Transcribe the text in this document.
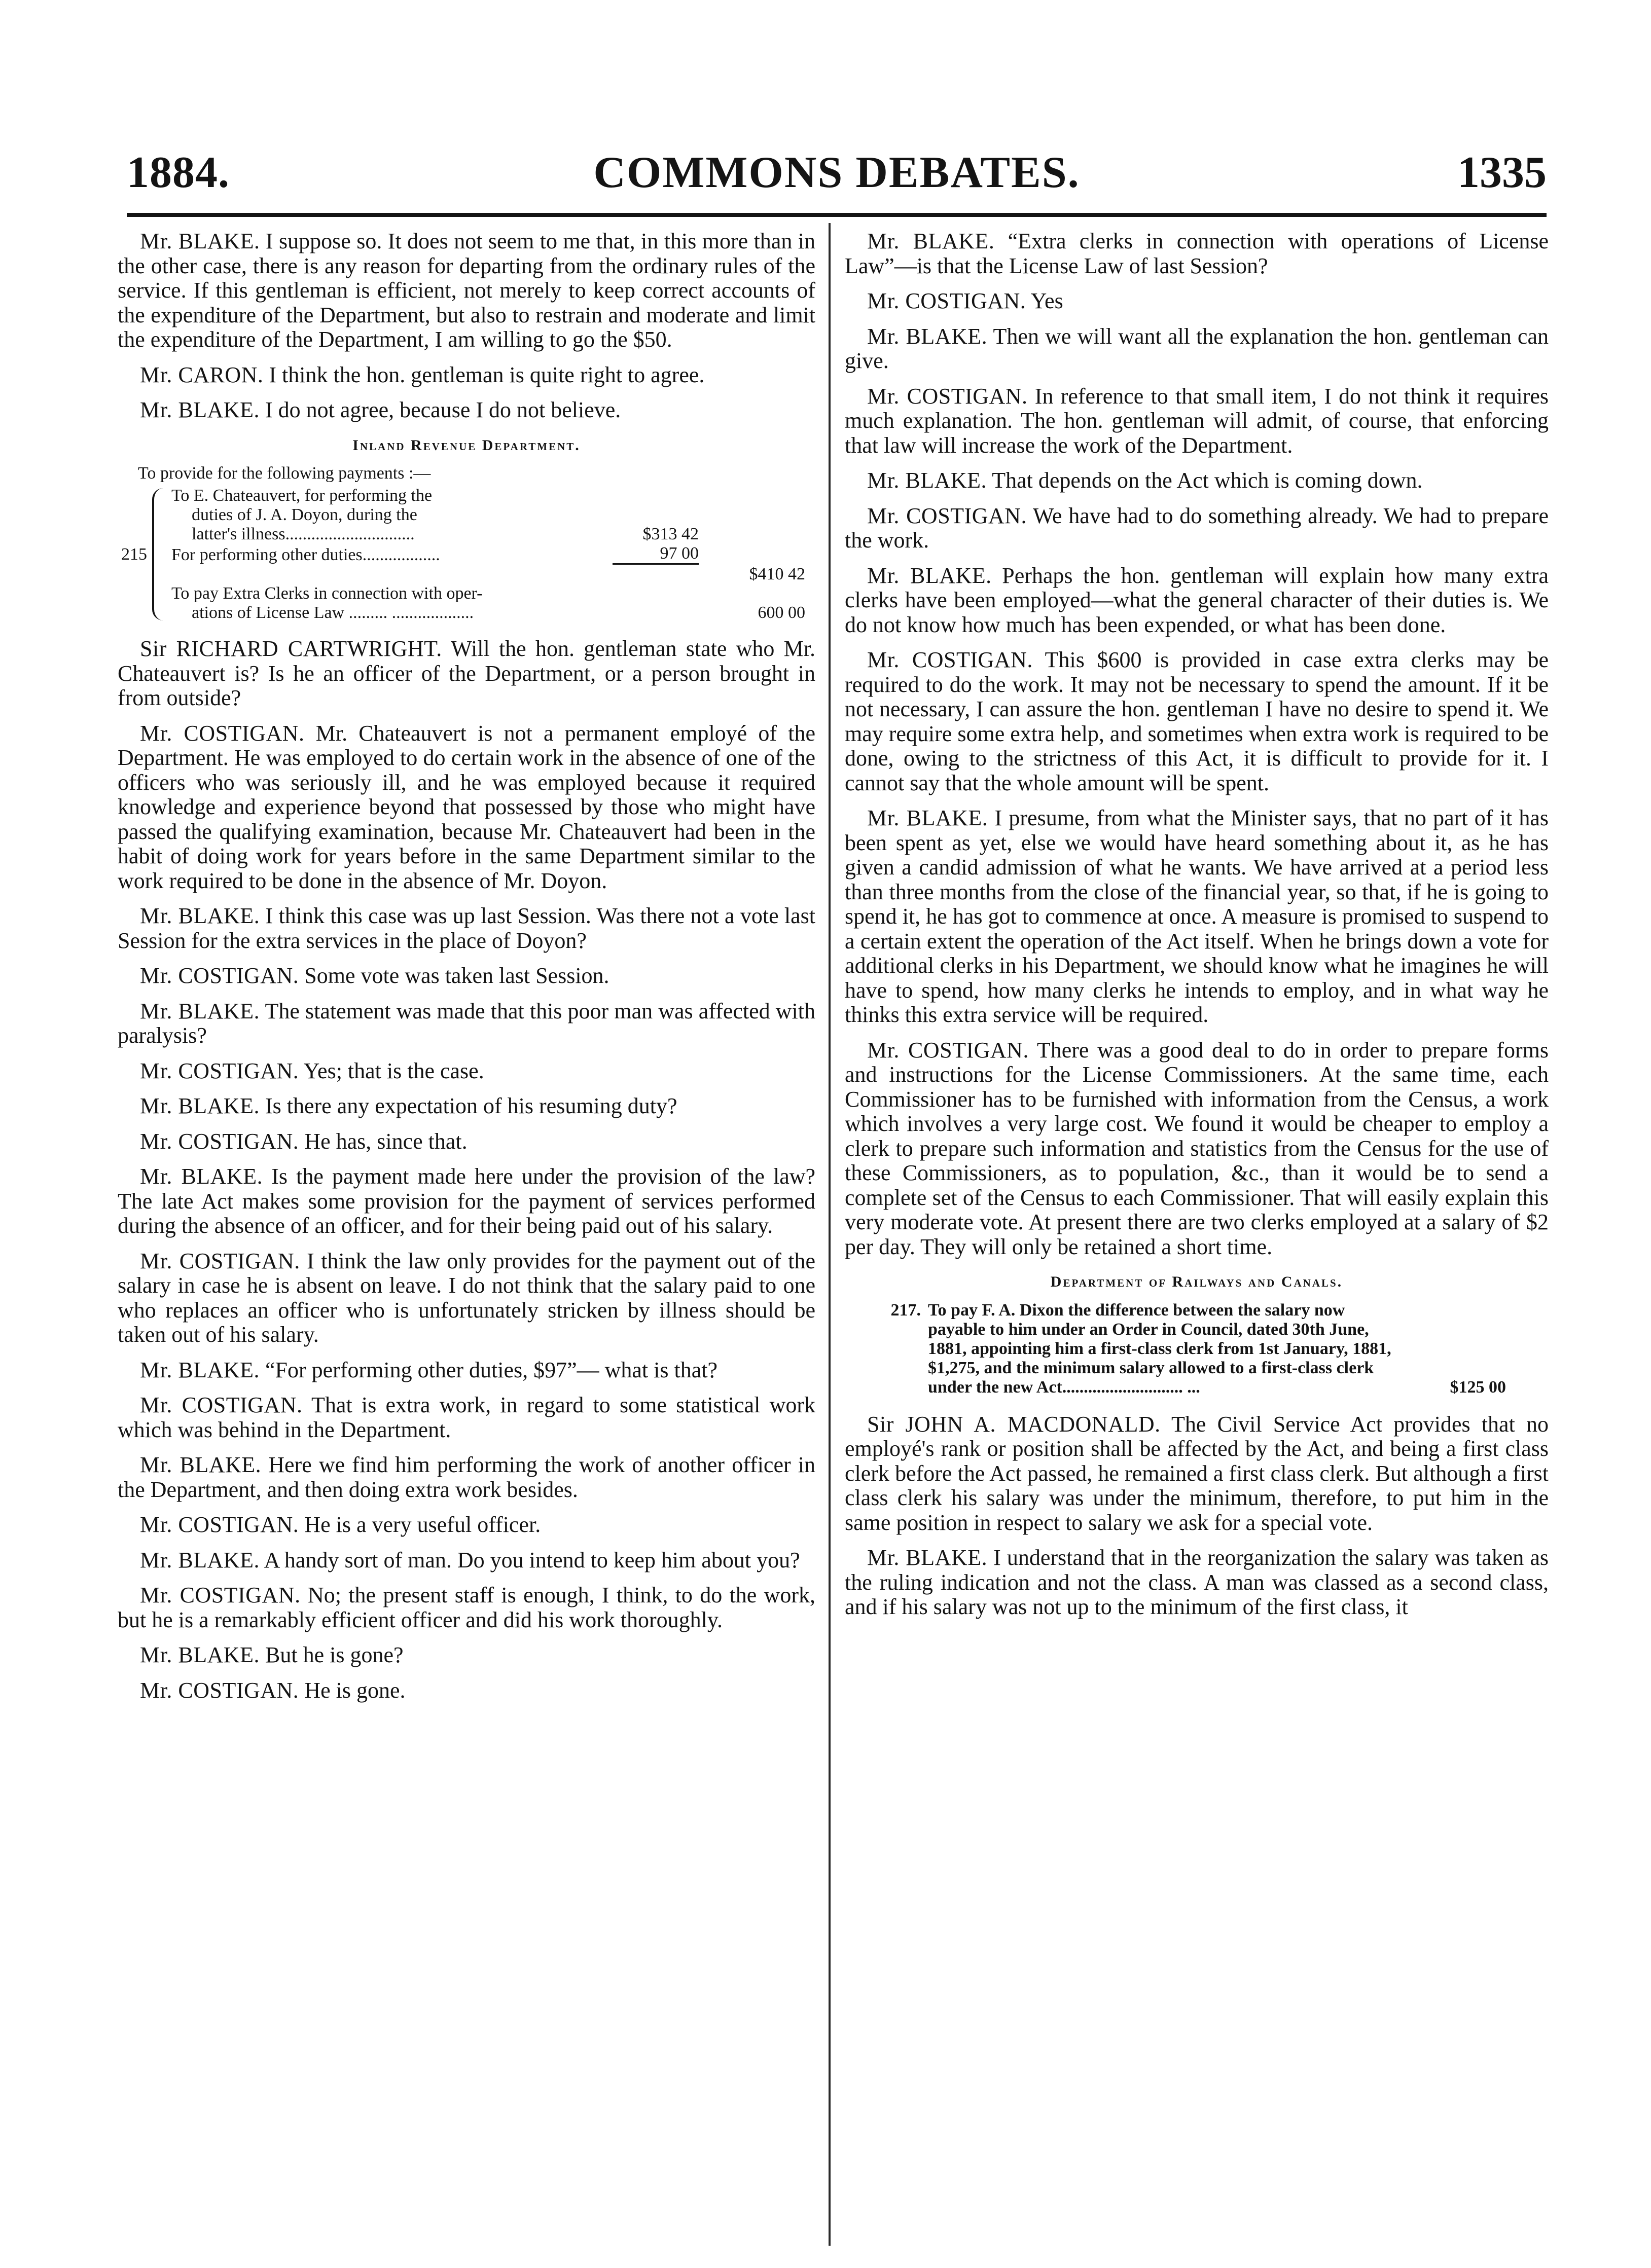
1884.	COMMONS DEBATES.	1335

Mr. BLAKE. I suppose so. It does not seem to me that, in this more than in the other case, there is any reason for departing from the ordinary rules of the service. If this gentleman is efficient, not merely to keep correct accounts of the expenditure of the Department, but also to restrain and moderate and limit the expenditure of the Department, I am willing to go the $50.

Mr. CARON. I think the hon. gentleman is quite right to agree.

Mr. BLAKE. I do not agree, because I do not believe.

Inland Revenue Department.
To provide for the following payments :—
215
To E. Chateauvert, for performing the
duties of J. A. Doyon, during the
latter's illness..............................	$313 42
For performing other duties..................	97 00
$410 42
To pay Extra Clerks in connection with oper-
ations of License Law ......... ...................	600 00

Sir RICHARD CARTWRIGHT. Will the hon. gentleman state who Mr. Chateauvert is? Is he an officer of the Department, or a person brought in from outside?

Mr. COSTIGAN. Mr. Chateauvert is not a permanent employé of the Department. He was employed to do certain work in the absence of one of the officers who was seriously ill, and he was employed because it required knowledge and experience beyond that possessed by those who might have passed the qualifying examination, because Mr. Chateauvert had been in the habit of doing work for years before in the same Department similar to the work required to be done in the absence of Mr. Doyon.

Mr. BLAKE. I think this case was up last Session. Was there not a vote last Session for the extra services in the place of Doyon?

Mr. COSTIGAN. Some vote was taken last Session.

Mr. BLAKE. The statement was made that this poor man was affected with paralysis?

Mr. COSTIGAN. Yes; that is the case.

Mr. BLAKE. Is there any expectation of his resuming duty?

Mr. COSTIGAN. He has, since that.

Mr. BLAKE. Is the payment made here under the provision of the law? The late Act makes some provision for the payment of services performed during the absence of an officer, and for their being paid out of his salary.

Mr. COSTIGAN. I think the law only provides for the payment out of the salary in case he is absent on leave. I do not think that the salary paid to one who replaces an officer who is unfortunately stricken by illness should be taken out of his salary.

Mr. BLAKE. “For performing other duties, $97”— what is that?

Mr. COSTIGAN. That is extra work, in regard to some statistical work which was behind in the Department.

Mr. BLAKE. Here we find him performing the work of another officer in the Department, and then doing extra work besides.

Mr. COSTIGAN. He is a very useful officer.

Mr. BLAKE. A handy sort of man. Do you intend to keep him about you?

Mr. COSTIGAN. No; the present staff is enough, I think, to do the work, but he is a remarkably efficient officer and did his work thoroughly.

Mr. BLAKE. But he is gone?

Mr. COSTIGAN. He is gone.

Mr. BLAKE. “Extra clerks in connection with operations of License Law”—is that the License Law of last Session?

Mr. COSTIGAN. Yes

Mr. BLAKE. Then we will want all the explanation the hon. gentleman can give.

Mr. COSTIGAN. In reference to that small item, I do not think it requires much explanation. The hon. gentleman will admit, of course, that enforcing that law will increase the work of the Department.

Mr. BLAKE. That depends on the Act which is coming down.

Mr. COSTIGAN. We have had to do something already. We had to prepare the work.

Mr. BLAKE. Perhaps the hon. gentleman will explain how many extra clerks have been employed—what the general character of their duties is. We do not know how much has been expended, or what has been done.

Mr. COSTIGAN. This $600 is provided in case extra clerks may be required to do the work. It may not be necessary to spend the amount. If it be not necessary, I can assure the hon. gentleman I have no desire to spend it. We may require some extra help, and sometimes when extra work is required to be done, owing to the strictness of this Act, it is difficult to provide for it. I cannot say that the whole amount will be spent.

Mr. BLAKE. I presume, from what the Minister says, that no part of it has been spent as yet, else we would have heard something about it, as he has given a candid admission of what he wants. We have arrived at a period less than three months from the close of the financial year, so that, if he is going to spend it, he has got to commence at once. A measure is promised to suspend to a certain extent the operation of the Act itself. When he brings down a vote for additional clerks in his Department, we should know what he imagines he will have to spend, how many clerks he intends to employ, and in what way he thinks this extra service will be required.

Mr. COSTIGAN. There was a good deal to do in order to prepare forms and instructions for the License Commissioners. At the same time, each Commissioner has to be furnished with information from the Census, a work which involves a very large cost. We found it would be cheaper to employ a clerk to prepare such information and statistics from the Census for the use of these Commissioners, as to population, &c., than it would be to send a complete set of the Census to each Commissioner. That will easily explain this very moderate vote. At present there are two clerks employed at a salary of $2 per day. They will only be retained a short time.

Department of Railways and Canals.
217. To pay F. A. Dixon the difference between the salary now payable to him under an Order in Council, dated 30th June, 1881, appointing him a first-class clerk from 1st January, 1881, $1,275, and the minimum salary allowed to a first-class clerk under the new Act............................ ...	$125 00

Sir JOHN A. MACDONALD. The Civil Service Act provides that no employé's rank or position shall be affected by the Act, and being a first class clerk before the Act passed, he remained a first class clerk. But although a first class clerk his salary was under the minimum, therefore, to put him in the same position in respect to salary we ask for a special vote.

Mr. BLAKE. I understand that in the reorganization the salary was taken as the ruling indication and not the class. A man was classed as a second class, and if his salary was not up to the minimum of the first class, it
